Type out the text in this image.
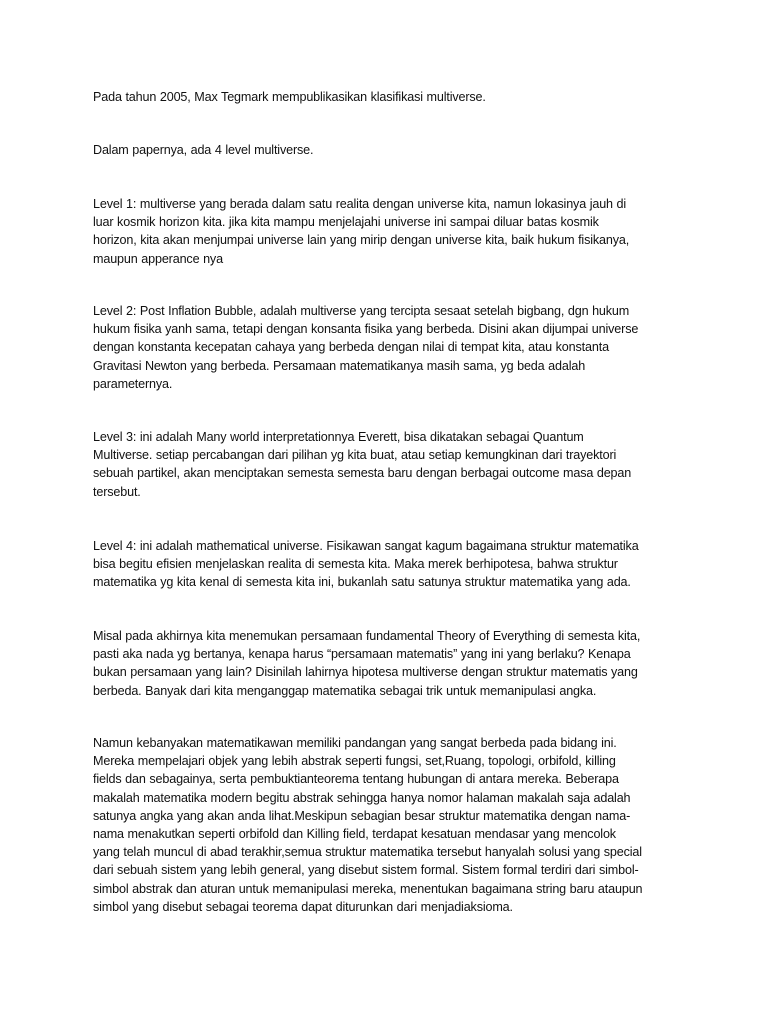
Pada tahun 2005, Max Tegmark mempublikasikan klasifikasi multiverse.

Dalam papernya, ada 4 level multiverse.

Level 1: multiverse yang berada dalam satu realita dengan universe kita, namun lokasinya jauh di
luar kosmik horizon kita. jika kita mampu menjelajahi universe ini sampai diluar batas kosmik
horizon, kita akan menjumpai universe lain yang mirip dengan universe kita, baik hukum fisikanya,
maupun apperance nya

Level 2: Post Inflation Bubble, adalah multiverse yang tercipta sesaat setelah bigbang, dgn hukum
hukum fisika yanh sama, tetapi dengan konsanta fisika yang berbeda. Disini akan dijumpai universe
dengan konstanta kecepatan cahaya yang berbeda dengan nilai di tempat kita, atau konstanta
Gravitasi Newton yang berbeda. Persamaan matematikanya masih sama, yg beda adalah
parameternya.

Level 3: ini adalah Many world interpretationnya Everett, bisa dikatakan sebagai Quantum
Multiverse. setiap percabangan dari pilihan yg kita buat, atau setiap kemungkinan dari trayektori
sebuah partikel, akan menciptakan semesta semesta baru dengan berbagai outcome masa depan
tersebut.

Level 4: ini adalah mathematical universe. Fisikawan sangat kagum bagaimana struktur matematika
bisa begitu efisien menjelaskan realita di semesta kita. Maka merek berhipotesa, bahwa struktur
matematika yg kita kenal di semesta kita ini, bukanlah satu satunya struktur matematika yang ada.

Misal pada akhirnya kita menemukan persamaan fundamental Theory of Everything di semesta kita,
pasti aka nada yg bertanya, kenapa harus “persamaan matematis” yang ini yang berlaku? Kenapa
bukan persamaan yang lain? Disinilah lahirnya hipotesa multiverse dengan struktur matematis yang
berbeda. Banyak dari kita menganggap matematika sebagai trik untuk memanipulasi angka.

Namun kebanyakan matematikawan memiliki pandangan yang sangat berbeda pada bidang ini.
Mereka mempelajari objek yang lebih abstrak seperti fungsi, set,Ruang, topologi, orbifold, killing
fields dan sebagainya, serta pembuktianteorema tentang hubungan di antara mereka. Beberapa
makalah matematika modern begitu abstrak sehingga hanya nomor halaman makalah saja adalah
satunya angka yang akan anda lihat.Meskipun sebagian besar struktur matematika dengan nama-
nama menakutkan seperti orbifold dan Killing field, terdapat kesatuan mendasar yang mencolok
yang telah muncul di abad terakhir,semua struktur matematika tersebut hanyalah solusi yang special
dari sebuah sistem yang lebih general, yang disebut sistem formal. Sistem formal terdiri dari simbol-
simbol abstrak dan aturan untuk memanipulasi mereka, menentukan bagaimana string baru ataupun
simbol yang disebut sebagai teorema dapat diturunkan dari menjadiaksioma.
